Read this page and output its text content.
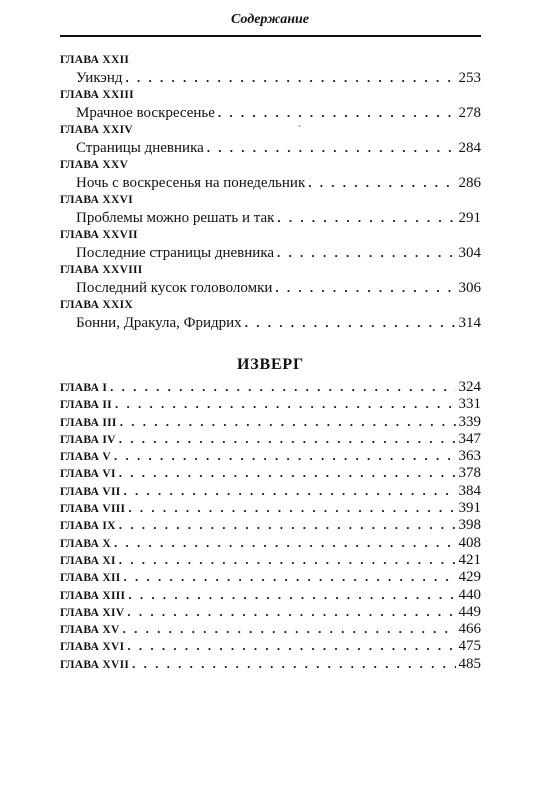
Содержание
`
ГЛАВА XXII
Уикэнд . . .	253
ГЛАВА XXIII
Мрачное воскресенье . . .	278
ГЛАВА XXIV
Страницы дневника . . .	284
ГЛАВА XXV
Ночь с воскресенья на понедельник . . .	286
ГЛАВА XXVI
Проблемы можно решать и так . . .	291
ГЛАВА XXVII
Последние страницы дневника . . .	304
ГЛАВА XXVIII
Последний кусок головоломки . . .	306
ГЛАВА XXIX
Бонни, Дракула, Фридрих . . .	314
ИЗВЕРГ
ГЛАВА I . . .	324
ГЛАВА II . . .	331
ГЛАВА III . . .	339
ГЛАВА IV . . .	347
ГЛАВА V . . .	363
ГЛАВА VI . . .	378
ГЛАВА VII . . .	384
ГЛАВА VIII . . .	391
ГЛАВА IX . . .	398
ГЛАВА X . . .	408
ГЛАВА XI . . .	421
ГЛАВА XII . . .	429
ГЛАВА XIII . . .	440
ГЛАВА XIV . . .	449
ГЛАВА XV . . .	466
ГЛАВА XVI . . .	475
ГЛАВА XVII . . .	485
